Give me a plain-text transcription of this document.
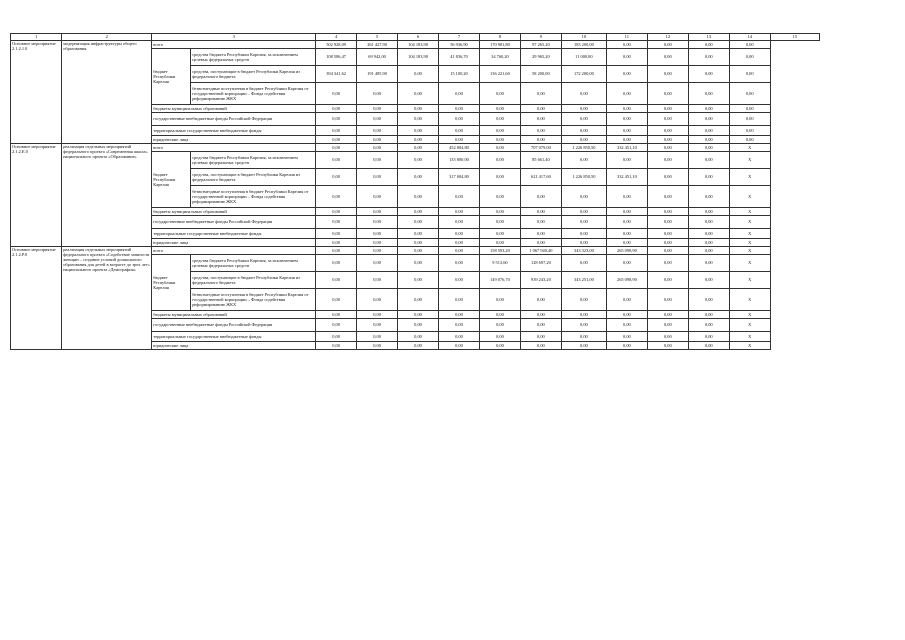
1	2	3		4	5	6	7	8	9	10	11	12	13	14	15
Основное мероприятие 2.1.2.1.0	модернизация инфраструктуры общего образования	всего		502 928,09	261 427,90	104 183,90	56 936,90	170 981,80	97 265,20	183 200,00	0,00	0,00	0,00	0,00	
		бюджет Республики Карелия	средства бюджета Республики Карелия, за исключением целевых федеральных средств	108 586,47	69 942,00	104 183,90	41 836,70	34 760,20	29 965,20	11 000,00	0,00	0,00	0,00	0,00	
			средства, поступающие в бюджет Республики Карелия из федерального бюджета	394 341,62	191 485,90	0,00	15 100,20	136 221,60	58 200,00	172 200,00	0,00	0,00	0,00	0,00	
			безвозмездные поступления в бюджет Республики Карелия от государственной корпорации – Фонда содействия реформированию ЖКХ	0,00	0,00	0,00	0,00	0,00	0,00	0,00	0,00	0,00	0,00	0,00	
		бюджеты муниципальных образований		0,00	0,00	0,00	0,00	0,00	0,00	0,00	0,00	0,00	0,00	0,00	
		государственные внебюджетные фонды Российской Федерации		0,00	0,00	0,00	0,00	0,00	0,00	0,00	0,00	0,00	0,00	0,00	
		территориальные государственные внебюджетные фонды		0,00	0,00	0,00	0,00	0,00	0,00	0,00	0,00	0,00	0,00	0,00	
		юридические лица		0,00	0,00	0,00	0,00	0,00	0,00	0,00	0,00	0,00	0,00	0,00	
Основное мероприятие 2.1.2.Е.0	реализация отдельных мероприятий федерального проекта «Современная школа» национального проекта «Образование»	всего		0,00	0,00	0,00	452 804,80	0,00	707 079,00	1 226 850,50	332 451,10	0,00	0,00	X	
		бюджет Республики Карелия	средства бюджета Республики Карелия, за исключением целевых федеральных средств	0,00	0,00	0,00	135 800,00	0,00	85 661,40	0,00	0,00	0,00	0,00	X	
			средства, поступающие в бюджет Республики Карелия из федерального бюджета	0,00	0,00	0,00	317 004,80	0,00	621 417,60	1 226 850,50	332 451,10	0,00	0,00	X	
			безвозмездные поступления в бюджет Республики Карелия от государственной корпорации – Фонда содействия реформированию ЖКХ	0,00	0,00	0,00	0,00	0,00	0,00	0,00	0,00	0,00	0,00	X	
		бюджеты муниципальных образований		0,00	0,00	0,00	0,00	0,00	0,00	0,00	0,00	0,00	0,00	X	
		государственные внебюджетные фонды Российской Федерации		0,00	0,00	0,00	0,00	0,00	0,00	0,00	0,00	0,00	0,00	X	
		территориальные государственные внебюджетные фонды		0,00	0,00	0,00	0,00	0,00	0,00	0,00	0,00	0,00	0,00	X	
		юридические лица		0,00	0,00	0,00	0,00	0,00	0,00	0,00	0,00	0,00	0,00	X	
Основное мероприятие 2.1.2.Р.0	реализация отдельных мероприятий федерального проекта «Содействие занятости женщин – создание условий дошкольного образования для детей в возрасте до трех лет» национального проекта «Демография»	всего		0,00	0,00	0,00	0,00	158 593,20	1 067 940,40	343 323,00	265 098,90	0,00	0,00	X	
		бюджет Республики Карелия	средства бюджета Республики Карелия, за исключением целевых федеральных средств	0,00	0,00	0,00	0,00	9 513,60	128 697,20	0,00	0,00	0,00	0,00	X	
			средства, поступающие в бюджет Республики Карелия из федерального бюджета	0,00	0,00	0,00	0,00	149 076,70	939 243,20	343 251,00	265 098,90	0,00	0,00	X	
			безвозмездные поступления в бюджет Республики Карелия от государственной корпорации – Фонда содействия реформированию ЖКХ	0,00	0,00	0,00	0,00	0,00	0,00	0,00	0,00	0,00	0,00	X	
		бюджеты муниципальных образований		0,00	0,00	0,00	0,00	0,00	0,00	0,00	0,00	0,00	0,00	X	
		государственные внебюджетные фонды Российской Федерации		0,00	0,00	0,00	0,00	0,00	0,00	0,00	0,00	0,00	0,00	X	
		территориальные государственные внебюджетные фонды		0,00	0,00	0,00	0,00	0,00	0,00	0,00	0,00	0,00	0,00	X	
		юридические лица		0,00	0,00	0,00	0,00	0,00	0,00	0,00	0,00	0,00	0,00	X	
